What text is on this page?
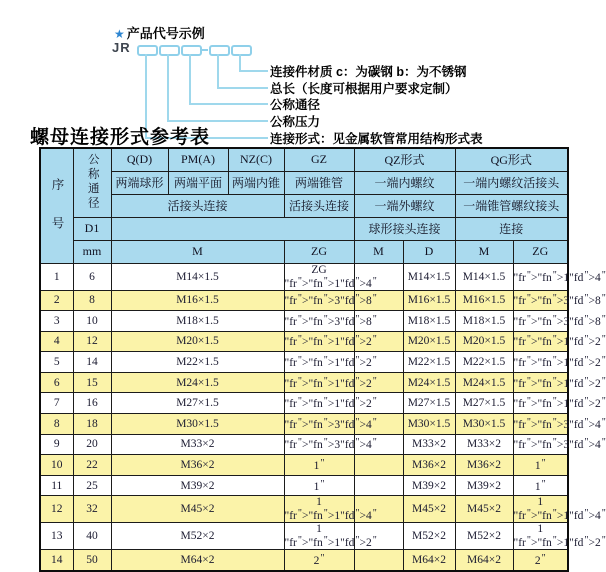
★ 产品代号示例
JR
连接件材质 c：为碳钢 b：为不锈钢
总长（长度可根据用户要求定制）
公称通径
公称压力
连接形式：见金属软管常用结构形式表
螺母连接形式参考表
序号	公称通径	Q(D)	PM(A)	NZ(C)	GZ	QZ形式		QG形式	
		两端球形	两端平面	两端内锥	两端锥管	一端内螺纹		一端内螺纹活接头	
		活接头连接			活接头连接	一端外螺纹		一端锥管螺纹接头	
	D1					球形接头连接		连接	
	mm	M			ZG	M	D	M	ZG
1	6	M14×1.5			ZG "fr">"fn">1"fd" "		M14×1.5	M14×1.5	"fr">"fn">1"fd">4"
2	8	M16×1.5			"fr">"fn">3"fd" "		M16×1.5	M16×1.5	"fr">"fn">3"fd">8"
3	10	M18×1.5			"fr">"fn">3"fd" "		M18×1.5	M18×1.5	"fr">"fn">3"fd">8"
4	12	M20×1.5			"fr">"fn">1"fd" "		M20×1.5	M20×1.5	"fr">"fn">1"fd">2"
5	14	M22×1.5			"fr">"fn">1"fd" "		M22×1.5	M22×1.5	"fr">"fn">1"fd">2"
6	15	M24×1.5			"fr">"fn">1"fd" "		M24×1.5	M24×1.5	"fr">"fn">1"fd">2"
7	16	M27×1.5			"fr">"fn">1"fd" "		M27×1.5	M27×1.5	"fr">"fn">1"fd">2"
8	18	M30×1.5			"fr">"fn">3"fd" "		M30×1.5	M30×1.5	"fr">"fn">3"fd">4"
9	20	M33×2			"fr">"fn">3"fd" "		M33×2	M33×2	"fr">"fn">3"fd">4"
10	22	M36×2			1"		M36×2	M36×2	1"
11	25	M39×2			1"		M39×2	M39×2	1"
12	32	M45×2			1 "fr">"fn">1"fd" "		M45×2	M45×2	1 "fr">"fn">1"fd">4"
13	40	M52×2			1 "fr">"fn">1"fd" "		M52×2	M52×2	1 "fr">"fn">1"fd">2"
14	50	M64×2			2"		M64×2	M64×2	2"
